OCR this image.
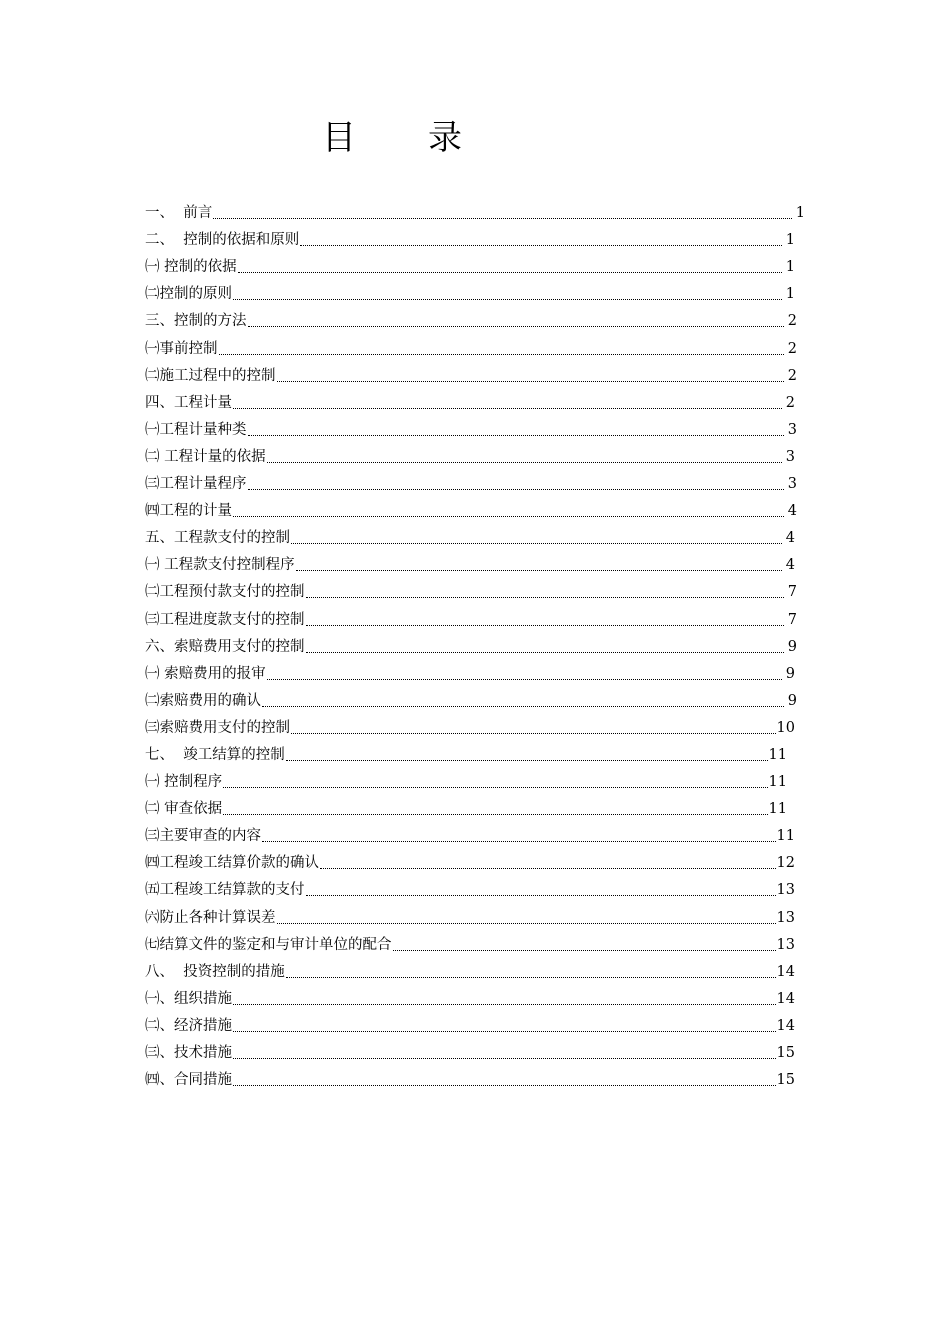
目 录
一、  前言	1
二、  控制的依据和原则	1
㈠ 控制的依据	1
㈡控制的原则	1
三、控制的方法	2
㈠事前控制	2
㈡施工过程中的控制	2
四、工程计量	2
㈠工程计量种类	3
㈡ 工程计量的依据	3
㈢工程计量程序	3
㈣工程的计量	4
五、工程款支付的控制	4
㈠ 工程款支付控制程序	4
㈡工程预付款支付的控制	7
㈢工程进度款支付的控制	7
六、索赔费用支付的控制	9
㈠ 索赔费用的报审	9
㈡索赔费用的确认	9
㈢索赔费用支付的控制	10
七、  竣工结算的控制	11
㈠ 控制程序	11
㈡ 审查依据	11
㈢主要审查的内容	11
㈣工程竣工结算价款的确认	12
㈤工程竣工结算款的支付	13
㈥防止各种计算误差	13
㈦结算文件的鉴定和与审计单位的配合	13
八、  投资控制的措施	14
㈠、组织措施	14
㈡、经济措施	14
㈢、技术措施	15
㈣、合同措施	15
